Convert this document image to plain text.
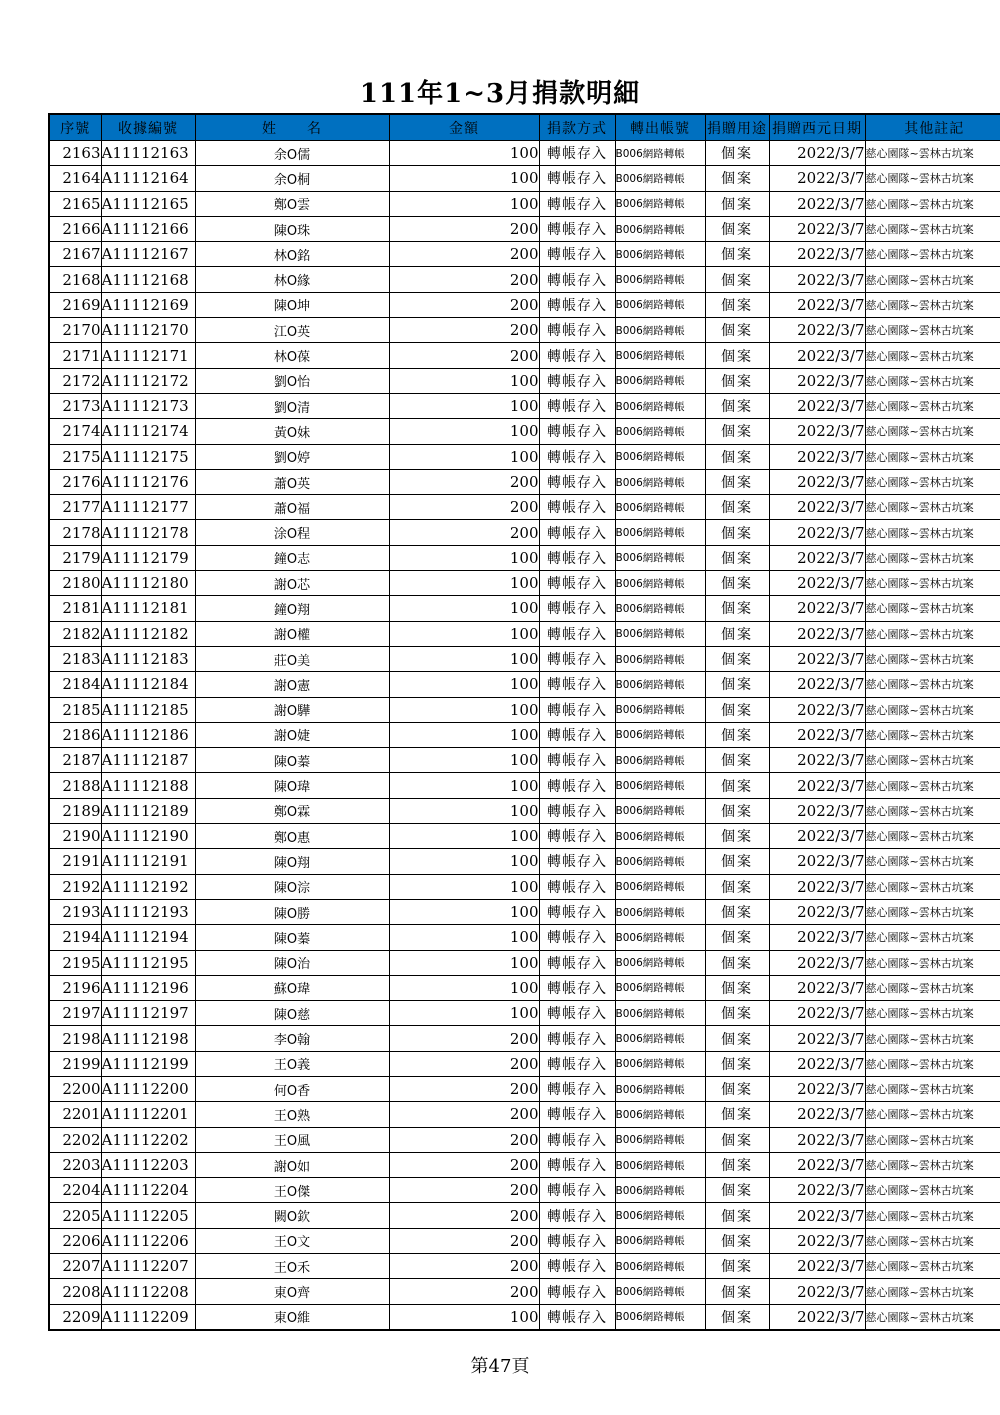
111年1~3月捐款明細
序號	收據編號	姓　　名	金額	捐款方式	轉出帳號	捐贈用途	捐贈西元日期	其他註記
2163	A11112163	余O儒	100	轉帳存入	B006網路轉帳	個案	2022/3/7	慈心園隊~雲林古坑案
2164	A11112164	余O桐	100	轉帳存入	B006網路轉帳	個案	2022/3/7	慈心園隊~雲林古坑案
2165	A11112165	鄭O雲	100	轉帳存入	B006網路轉帳	個案	2022/3/7	慈心園隊~雲林古坑案
2166	A11112166	陳O珠	200	轉帳存入	B006網路轉帳	個案	2022/3/7	慈心園隊~雲林古坑案
2167	A11112167	林O銘	200	轉帳存入	B006網路轉帳	個案	2022/3/7	慈心園隊~雲林古坑案
2168	A11112168	林O緣	200	轉帳存入	B006網路轉帳	個案	2022/3/7	慈心園隊~雲林古坑案
2169	A11112169	陳O坤	200	轉帳存入	B006網路轉帳	個案	2022/3/7	慈心園隊~雲林古坑案
2170	A11112170	江O英	200	轉帳存入	B006網路轉帳	個案	2022/3/7	慈心園隊~雲林古坑案
2171	A11112171	林O葆	200	轉帳存入	B006網路轉帳	個案	2022/3/7	慈心園隊~雲林古坑案
2172	A11112172	劉O怡	100	轉帳存入	B006網路轉帳	個案	2022/3/7	慈心園隊~雲林古坑案
2173	A11112173	劉O清	100	轉帳存入	B006網路轉帳	個案	2022/3/7	慈心園隊~雲林古坑案
2174	A11112174	黃O妹	100	轉帳存入	B006網路轉帳	個案	2022/3/7	慈心園隊~雲林古坑案
2175	A11112175	劉O婷	100	轉帳存入	B006網路轉帳	個案	2022/3/7	慈心園隊~雲林古坑案
2176	A11112176	蕭O英	200	轉帳存入	B006網路轉帳	個案	2022/3/7	慈心園隊~雲林古坑案
2177	A11112177	蕭O福	200	轉帳存入	B006網路轉帳	個案	2022/3/7	慈心園隊~雲林古坑案
2178	A11112178	涂O程	200	轉帳存入	B006網路轉帳	個案	2022/3/7	慈心園隊~雲林古坑案
2179	A11112179	鐘O志	100	轉帳存入	B006網路轉帳	個案	2022/3/7	慈心園隊~雲林古坑案
2180	A11112180	謝O芯	100	轉帳存入	B006網路轉帳	個案	2022/3/7	慈心園隊~雲林古坑案
2181	A11112181	鐘O翔	100	轉帳存入	B006網路轉帳	個案	2022/3/7	慈心園隊~雲林古坑案
2182	A11112182	謝O權	100	轉帳存入	B006網路轉帳	個案	2022/3/7	慈心園隊~雲林古坑案
2183	A11112183	莊O美	100	轉帳存入	B006網路轉帳	個案	2022/3/7	慈心園隊~雲林古坑案
2184	A11112184	謝O憲	100	轉帳存入	B006網路轉帳	個案	2022/3/7	慈心園隊~雲林古坑案
2185	A11112185	謝O驊	100	轉帳存入	B006網路轉帳	個案	2022/3/7	慈心園隊~雲林古坑案
2186	A11112186	謝O婕	100	轉帳存入	B006網路轉帳	個案	2022/3/7	慈心園隊~雲林古坑案
2187	A11112187	陳O蓁	100	轉帳存入	B006網路轉帳	個案	2022/3/7	慈心園隊~雲林古坑案
2188	A11112188	陳O瑋	100	轉帳存入	B006網路轉帳	個案	2022/3/7	慈心園隊~雲林古坑案
2189	A11112189	鄭O霖	100	轉帳存入	B006網路轉帳	個案	2022/3/7	慈心園隊~雲林古坑案
2190	A11112190	鄭O惠	100	轉帳存入	B006網路轉帳	個案	2022/3/7	慈心園隊~雲林古坑案
2191	A11112191	陳O翔	100	轉帳存入	B006網路轉帳	個案	2022/3/7	慈心園隊~雲林古坑案
2192	A11112192	陳O淙	100	轉帳存入	B006網路轉帳	個案	2022/3/7	慈心園隊~雲林古坑案
2193	A11112193	陳O勝	100	轉帳存入	B006網路轉帳	個案	2022/3/7	慈心園隊~雲林古坑案
2194	A11112194	陳O蓁	100	轉帳存入	B006網路轉帳	個案	2022/3/7	慈心園隊~雲林古坑案
2195	A11112195	陳O治	100	轉帳存入	B006網路轉帳	個案	2022/3/7	慈心園隊~雲林古坑案
2196	A11112196	蘇O瑋	100	轉帳存入	B006網路轉帳	個案	2022/3/7	慈心園隊~雲林古坑案
2197	A11112197	陳O慈	100	轉帳存入	B006網路轉帳	個案	2022/3/7	慈心園隊~雲林古坑案
2198	A11112198	李O翰	200	轉帳存入	B006網路轉帳	個案	2022/3/7	慈心園隊~雲林古坑案
2199	A11112199	王O義	200	轉帳存入	B006網路轉帳	個案	2022/3/7	慈心園隊~雲林古坑案
2200	A11112200	何O香	200	轉帳存入	B006網路轉帳	個案	2022/3/7	慈心園隊~雲林古坑案
2201	A11112201	王O熟	200	轉帳存入	B006網路轉帳	個案	2022/3/7	慈心園隊~雲林古坑案
2202	A11112202	王O風	200	轉帳存入	B006網路轉帳	個案	2022/3/7	慈心園隊~雲林古坑案
2203	A11112203	謝O如	200	轉帳存入	B006網路轉帳	個案	2022/3/7	慈心園隊~雲林古坑案
2204	A11112204	王O傑	200	轉帳存入	B006網路轉帳	個案	2022/3/7	慈心園隊~雲林古坑案
2205	A11112205	闕O欽	200	轉帳存入	B006網路轉帳	個案	2022/3/7	慈心園隊~雲林古坑案
2206	A11112206	王O文	200	轉帳存入	B006網路轉帳	個案	2022/3/7	慈心園隊~雲林古坑案
2207	A11112207	王O禾	200	轉帳存入	B006網路轉帳	個案	2022/3/7	慈心園隊~雲林古坑案
2208	A11112208	東O齊	200	轉帳存入	B006網路轉帳	個案	2022/3/7	慈心園隊~雲林古坑案
2209	A11112209	東O維	100	轉帳存入	B006網路轉帳	個案	2022/3/7	慈心園隊~雲林古坑案
第47頁
